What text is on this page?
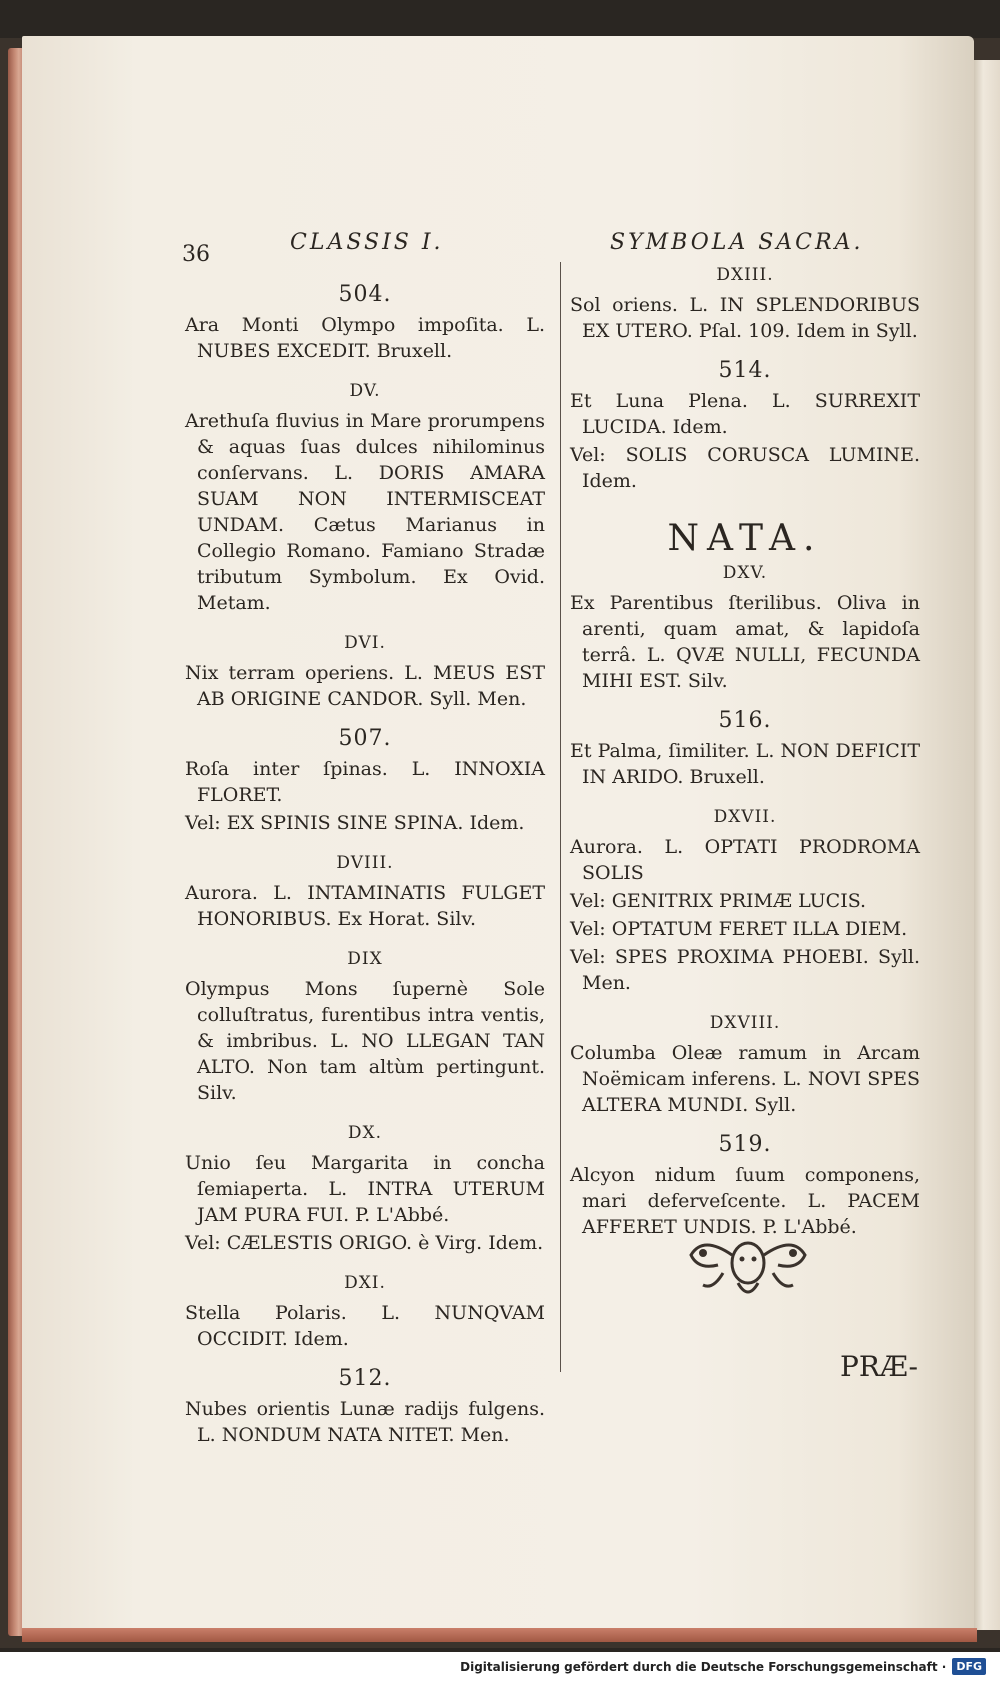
36	CLASSIS I.	SYMBOLA SACRA.
504.
Ara Monti Olympo impoſita. L. NUBES EXCEDIT. Bruxell.
DV.
Arethuſa fluvius in Mare prorumpens & aquas ſuas dulces nihilominus conſervans. L. DORIS AMARA SUAM NON INTERMISCEAT UNDAM. Cætus Marianus in Collegio Romano. Famiano Stradæ tributum Symbolum. Ex Ovid. Metam.
DVI.
Nix terram operiens. L. MEUS EST AB ORIGINE CANDOR. Syll. Men.
507.
Roſa inter ſpinas. L. INNOXIA FLORET.
Vel: EX SPINIS SINE SPINA. Idem.
DVIII.
Aurora. L. INTAMINATIS FULGET HONORIBUS. Ex Horat. Silv.
DIX
Olympus Mons ſupernè Sole colluſtratus, furentibus intra ventis, & imbribus. L. NO LLEGAN TAN ALTO. Non tam altùm pertingunt. Silv.
DX.
Unio ſeu Margarita in concha ſemiaperta. L. INTRA UTERUM JAM PURA FUI. P. L'Abbé.
Vel: CÆLESTIS ORIGO. è Virg. Idem.
DXI.
Stella Polaris. L. NUNQVAM OCCIDIT. Idem.
512.
Nubes orientis Lunæ radijs fulgens. L. NONDUM NATA NITET. Men.
DXIII.
Sol oriens. L. IN SPLENDORIBUS EX UTERO. Pſal. 109. Idem in Syll.
514.
Et Luna Plena. L. SURREXIT LUCIDA. Idem.
Vel: SOLIS CORUSCA LUMINE. Idem.
NATA.
DXV.
Ex Parentibus ſterilibus. Oliva in arenti, quam amat, & lapidoſa terrâ. L. QVÆ NULLI, FECUNDA MIHI EST. Silv.
516.
Et Palma, ſimiliter. L. NON DEFICIT IN ARIDO. Bruxell.
DXVII.
Aurora. L. OPTATI PRODROMA SOLIS
Vel: GENITRIX PRIMÆ LUCIS.
Vel: OPTATUM FERET ILLA DIEM.
Vel: SPES PROXIMA PHOEBI. Syll. Men.
DXVIII.
Columba Oleæ ramum in Arcam Noëmicam inferens. L. NOVI SPES ALTERA MUNDI. Syll.
519.
Alcyon nidum ſuum componens, mari deferveſcente. L. PACEM AFFERET UNDIS. P. L'Abbé.
PRÆ-
Digitalisierung gefördert durch die Deutsche Forschungsgemeinschaft · DFG
